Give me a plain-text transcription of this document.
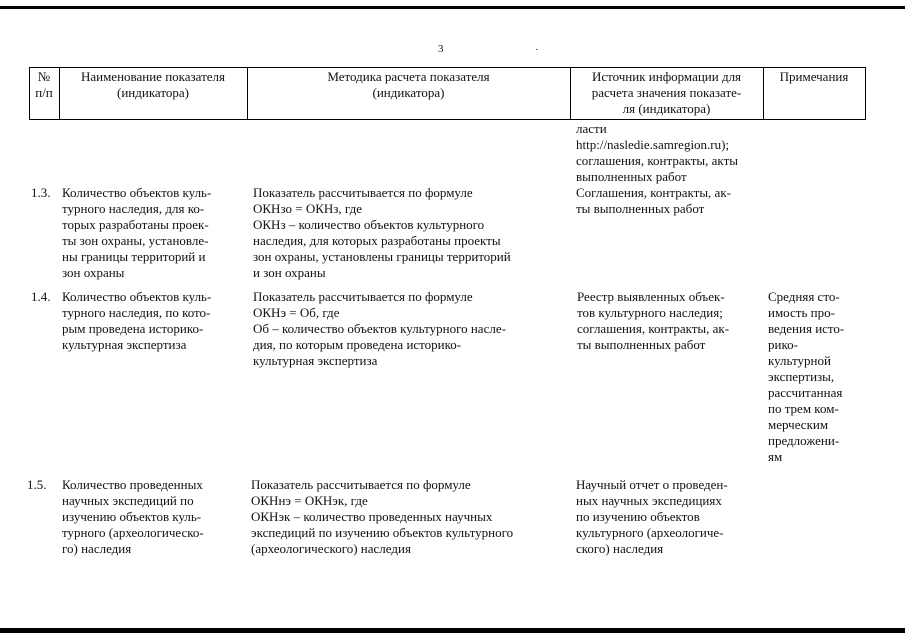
3	·
№
п/п
Наименование показателя
(индикатора)
Методика расчета показателя
(индикатора)
Источник информации для
расчета значения показате-
ля (индикатора)
Примечания
ласти
http://nasledie.samregion.ru);
соглашения, контракты, акты
выполненных работ
1.3. Количество объектов куль-
турного наследия, для ко-
торых разработаны проек-
ты зон охраны, установле-
ны границы территорий и
зон охраны
Показатель рассчитывается по формуле
ОКНзо = ОКНз, где
ОКНз – количество объектов культурного
наследия, для которых разработаны проекты
зон охраны, установлены границы территорий
и зон охраны
Соглашения, контракты, ак-
ты выполненных работ
1.4. Количество объектов куль-
турного наследия, по кото-
рым проведена историко-
культурная экспертиза
Показатель рассчитывается по формуле
ОКНэ = Об, где
Об – количество объектов культурного насле-
дия, по которым проведена историко-
культурная экспертиза
Реестр выявленных объек-
тов культурного наследия;
соглашения, контракты, ак-
ты выполненных работ
Средняя сто-
имость про-
ведения исто-
рико-
культурной
экспертизы,
рассчитанная
по трем ком-
мерческим
предложени-
ям
1.5. Количество проведенных
научных экспедиций по
изучению объектов куль-
турного (археологическо-
го) наследия
Показатель рассчитывается по формуле
ОКНнэ = ОКНэк, где
ОКНэк – количество проведенных научных
экспедиций по изучению объектов культурного
(археологического) наследия
Научный отчет о проведен-
ных научных экспедициях
по изучению объектов
культурного (археологиче-
ского) наследия
